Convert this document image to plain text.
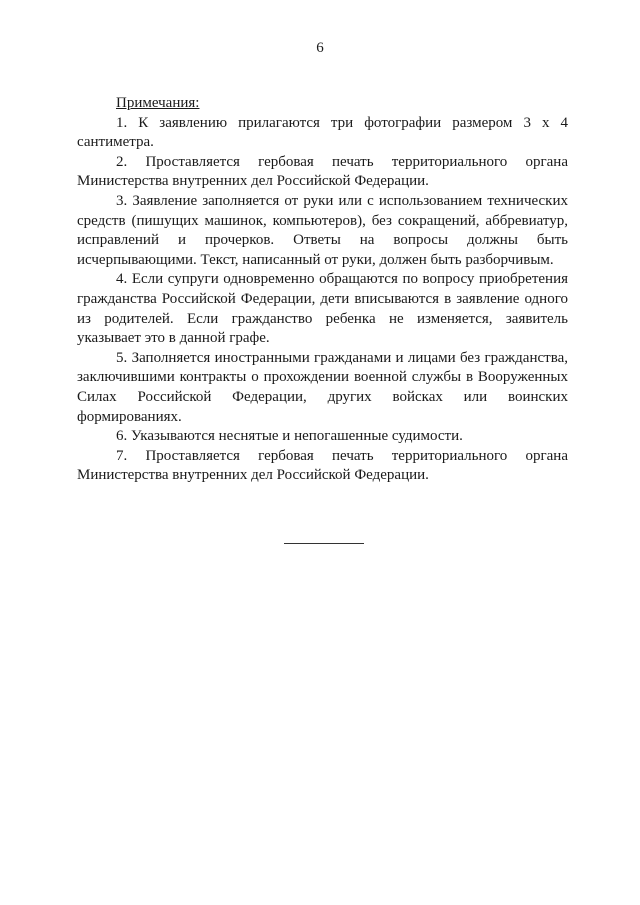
6

Примечания:

1. К заявлению прилагаются три фотографии размером 3 х 4 сантиметра.

2. Проставляется гербовая печать территориального органа Министерства внутренних дел Российской Федерации.

3. Заявление заполняется от руки или с использованием технических средств (пишущих машинок, компьютеров), без сокращений, аббревиатур, исправлений и прочерков. Ответы на вопросы должны быть исчерпывающими. Текст, написанный от руки, должен быть разборчивым.

4. Если супруги одновременно обращаются по вопросу приобретения гражданства Российской Федерации, дети вписываются в заявление одного из родителей. Если гражданство ребенка не изменяется, заявитель указывает это в данной графе.

5. Заполняется иностранными гражданами и лицами без гражданства, заключившими контракты о прохождении военной службы в Вооруженных Силах Российской Федерации, других войсках или воинских формированиях.

6. Указываются неснятые и непогашенные судимости.

7. Проставляется гербовая печать территориального органа Министерства внутренних дел Российской Федерации.
